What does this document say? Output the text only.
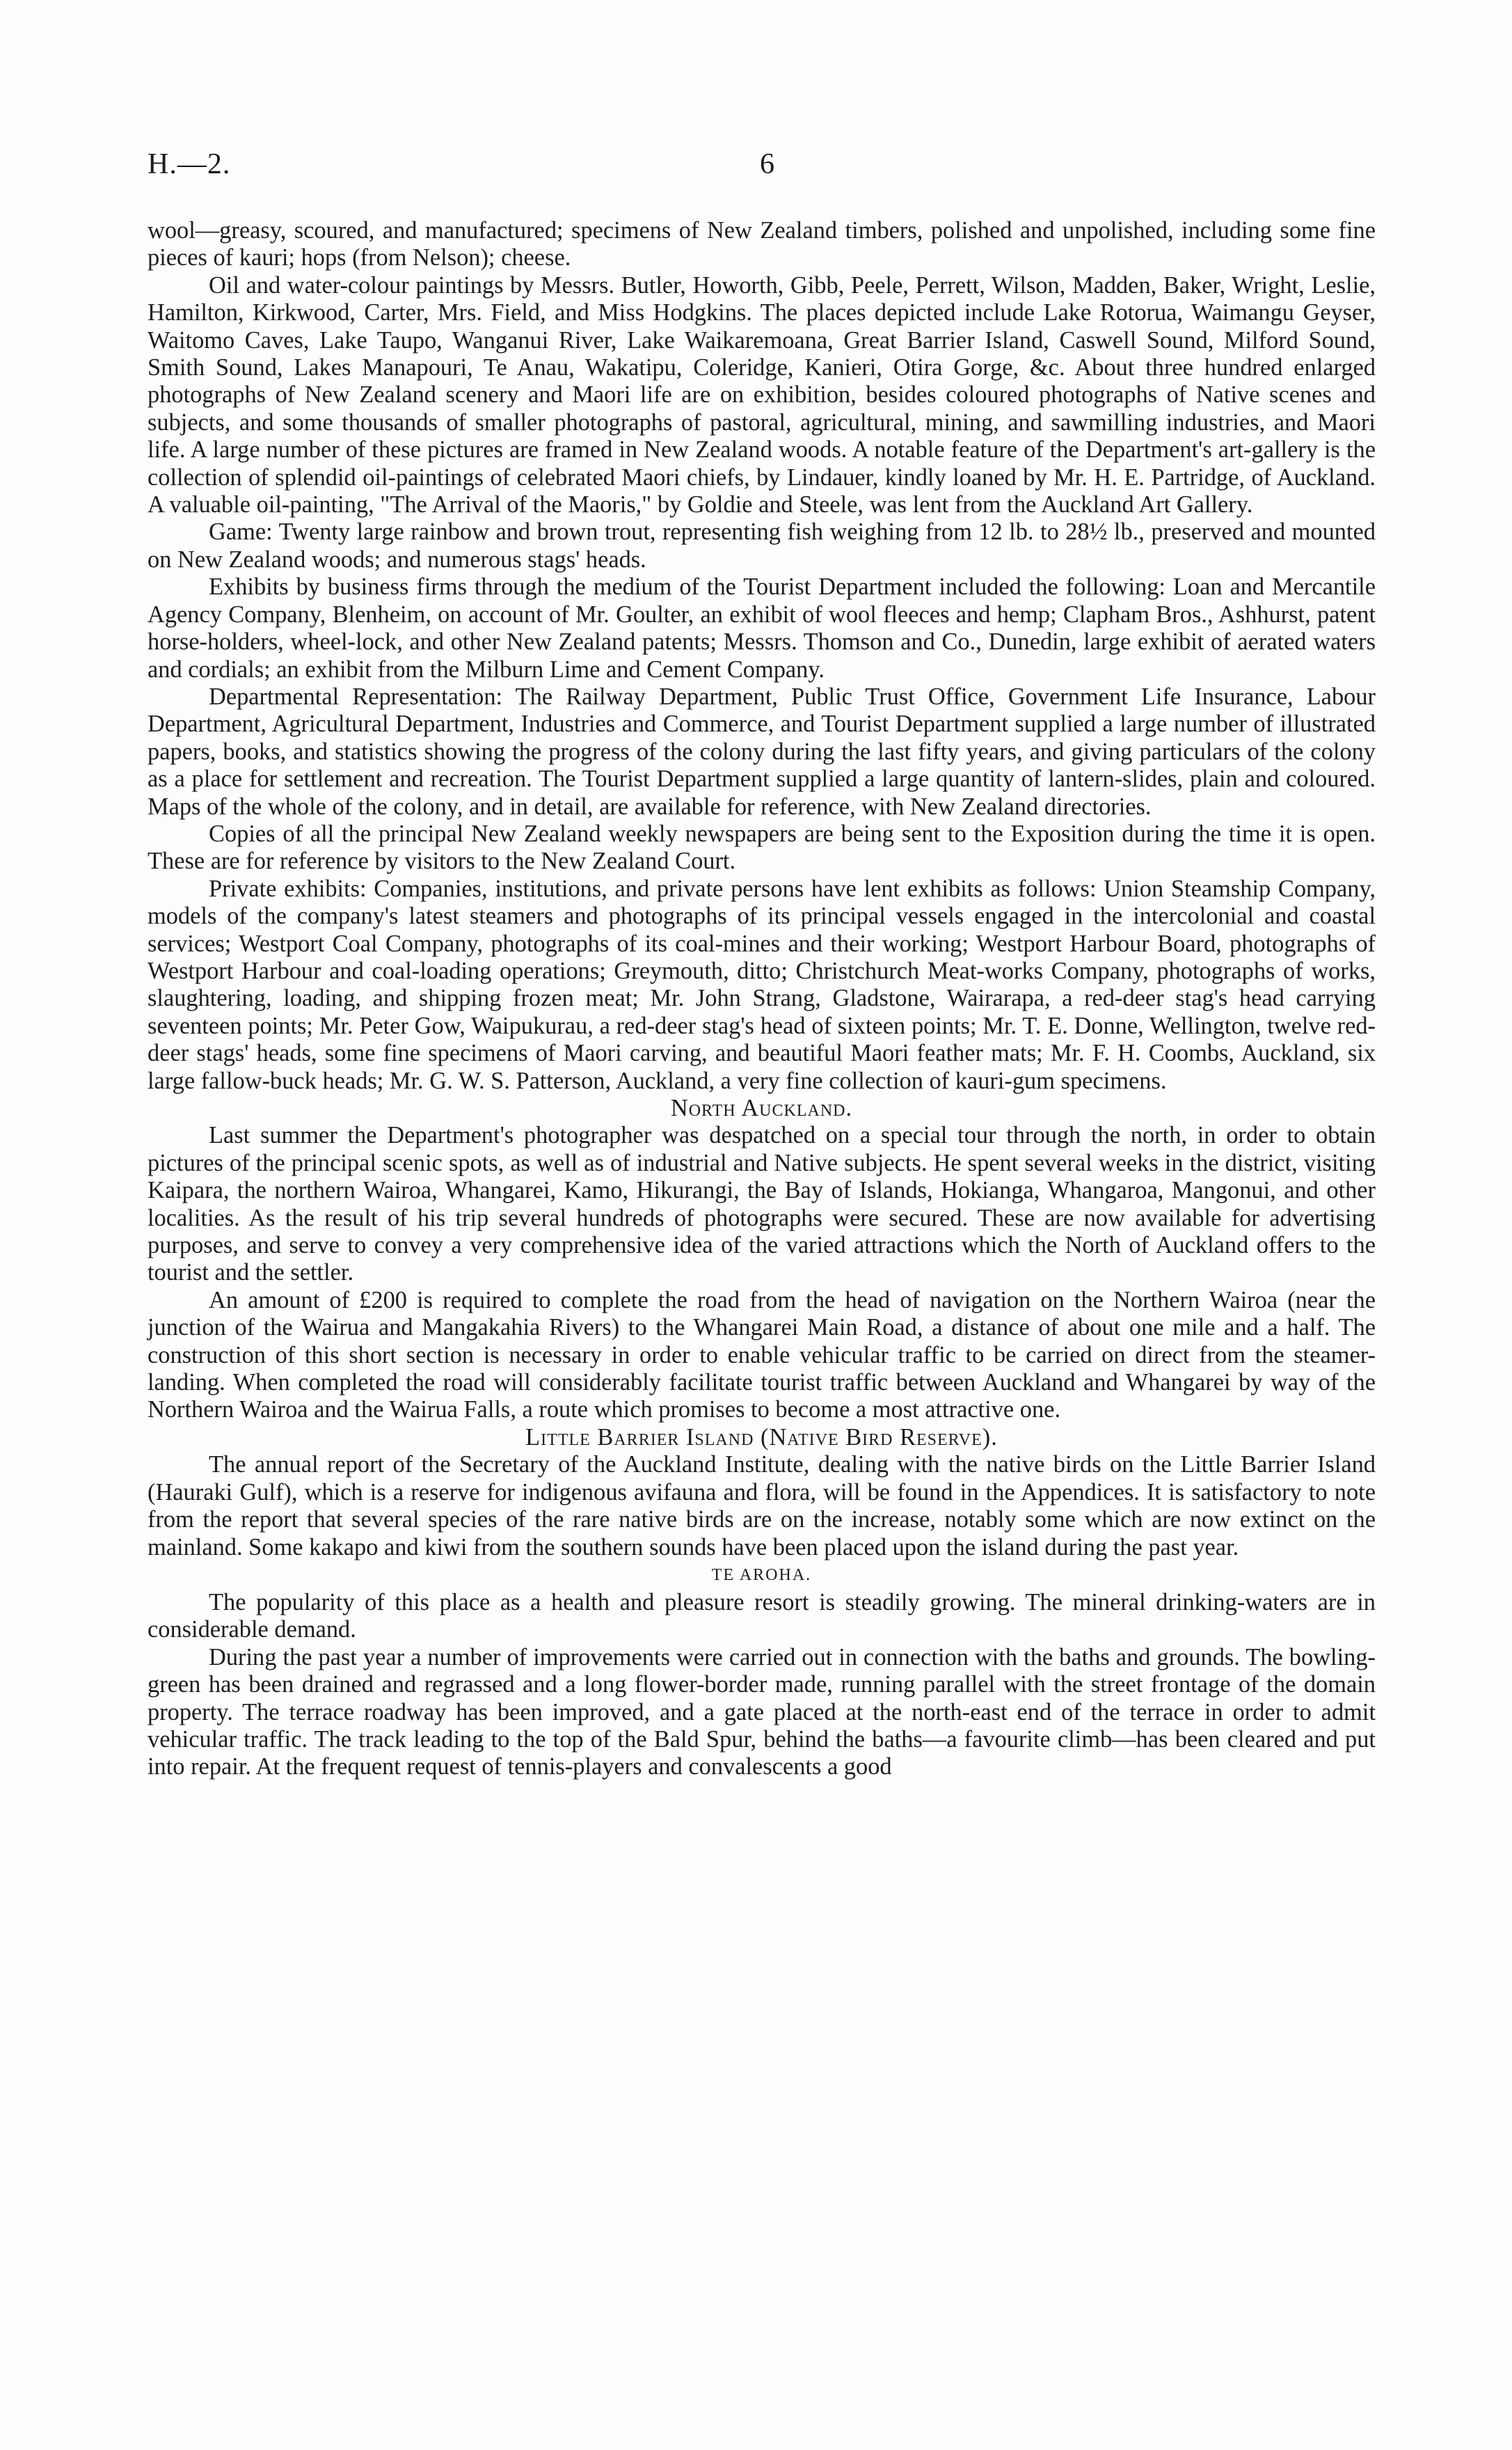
H.—2.	6

wool—greasy, scoured, and manufactured; specimens of New Zealand timbers, polished and unpolished, including some fine pieces of kauri; hops (from Nelson); cheese.

Oil and water-colour paintings by Messrs. Butler, Howorth, Gibb, Peele, Perrett, Wilson, Madden, Baker, Wright, Leslie, Hamilton, Kirkwood, Carter, Mrs. Field, and Miss Hodgkins. The places depicted include Lake Rotorua, Waimangu Geyser, Waitomo Caves, Lake Taupo, Wanganui River, Lake Waikaremoana, Great Barrier Island, Caswell Sound, Milford Sound, Smith Sound, Lakes Manapouri, Te Anau, Wakatipu, Coleridge, Kanieri, Otira Gorge, &c. About three hundred enlarged photographs of New Zealand scenery and Maori life are on exhibition, besides coloured photographs of Native scenes and subjects, and some thousands of smaller photographs of pastoral, agricultural, mining, and sawmilling industries, and Maori life. A large number of these pictures are framed in New Zealand woods. A notable feature of the Department's art-gallery is the collection of splendid oil-paintings of celebrated Maori chiefs, by Lindauer, kindly loaned by Mr. H. E. Partridge, of Auckland. A valuable oil-painting, "The Arrival of the Maoris," by Goldie and Steele, was lent from the Auckland Art Gallery.

Game: Twenty large rainbow and brown trout, representing fish weighing from 12 lb. to 28½ lb., preserved and mounted on New Zealand woods; and numerous stags' heads.

Exhibits by business firms through the medium of the Tourist Department included the following: Loan and Mercantile Agency Company, Blenheim, on account of Mr. Goulter, an exhibit of wool fleeces and hemp; Clapham Bros., Ashhurst, patent horse-holders, wheel-lock, and other New Zealand patents; Messrs. Thomson and Co., Dunedin, large exhibit of aerated waters and cordials; an exhibit from the Milburn Lime and Cement Company.

Departmental Representation: The Railway Department, Public Trust Office, Government Life Insurance, Labour Department, Agricultural Department, Industries and Commerce, and Tourist Department supplied a large number of illustrated papers, books, and statistics showing the progress of the colony during the last fifty years, and giving particulars of the colony as a place for settlement and recreation. The Tourist Department supplied a large quantity of lantern-slides, plain and coloured. Maps of the whole of the colony, and in detail, are available for reference, with New Zealand directories.

Copies of all the principal New Zealand weekly newspapers are being sent to the Exposition during the time it is open. These are for reference by visitors to the New Zealand Court.

Private exhibits: Companies, institutions, and private persons have lent exhibits as follows: Union Steamship Company, models of the company's latest steamers and photographs of its principal vessels engaged in the intercolonial and coastal services; Westport Coal Company, photographs of its coal-mines and their working; Westport Harbour Board, photographs of Westport Harbour and coal-loading operations; Greymouth, ditto; Christchurch Meat-works Company, photographs of works, slaughtering, loading, and shipping frozen meat; Mr. John Strang, Gladstone, Wairarapa, a red-deer stag's head carrying seventeen points; Mr. Peter Gow, Waipukurau, a red-deer stag's head of sixteen points; Mr. T. E. Donne, Wellington, twelve red-deer stags' heads, some fine specimens of Maori carving, and beautiful Maori feather mats; Mr. F. H. Coombs, Auckland, six large fallow-buck heads; Mr. G. W. S. Patterson, Auckland, a very fine collection of kauri-gum specimens.

North Auckland.

Last summer the Department's photographer was despatched on a special tour through the north, in order to obtain pictures of the principal scenic spots, as well as of industrial and Native subjects. He spent several weeks in the district, visiting Kaipara, the northern Wairoa, Whangarei, Kamo, Hikurangi, the Bay of Islands, Hokianga, Whangaroa, Mangonui, and other localities. As the result of his trip several hundreds of photographs were secured. These are now available for advertising purposes, and serve to convey a very comprehensive idea of the varied attractions which the North of Auckland offers to the tourist and the settler.

An amount of £200 is required to complete the road from the head of navigation on the Northern Wairoa (near the junction of the Wairua and Mangakahia Rivers) to the Whangarei Main Road, a distance of about one mile and a half. The construction of this short section is necessary in order to enable vehicular traffic to be carried on direct from the steamer-landing. When completed the road will considerably facilitate tourist traffic between Auckland and Whangarei by way of the Northern Wairoa and the Wairua Falls, a route which promises to become a most attractive one.

Little Barrier Island (Native Bird Reserve).

The annual report of the Secretary of the Auckland Institute, dealing with the native birds on the Little Barrier Island (Hauraki Gulf), which is a reserve for indigenous avifauna and flora, will be found in the Appendices. It is satisfactory to note from the report that several species of the rare native birds are on the increase, notably some which are now extinct on the mainland. Some kakapo and kiwi from the southern sounds have been placed upon the island during the past year.

TE AROHA.

The popularity of this place as a health and pleasure resort is steadily growing. The mineral drinking-waters are in considerable demand.

During the past year a number of improvements were carried out in connection with the baths and grounds. The bowling-green has been drained and regrassed and a long flower-border made, running parallel with the street frontage of the domain property. The terrace roadway has been improved, and a gate placed at the north-east end of the terrace in order to admit vehicular traffic. The track leading to the top of the Bald Spur, behind the baths—a favourite climb—has been cleared and put into repair. At the frequent request of tennis-players and convalescents a good
